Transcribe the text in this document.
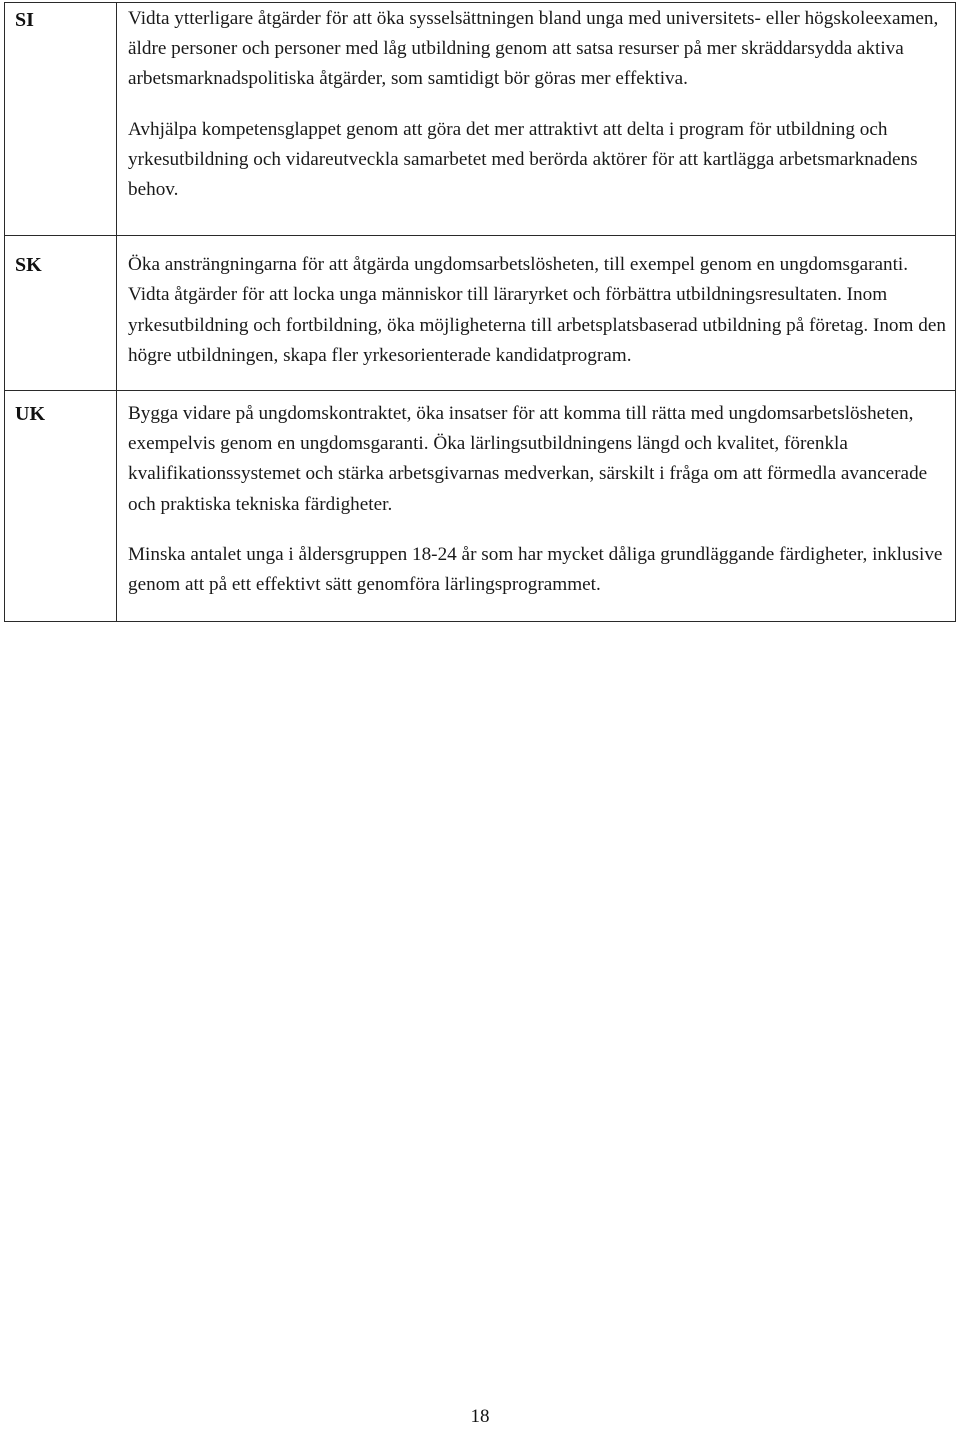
SI	Vidta ytterligare åtgärder för att öka sysselsättningen bland unga med universitets- eller högskoleexamen, äldre personer och personer med låg utbildning genom att satsa resurser på mer skräddarsydda aktiva arbetsmarknadspolitiska åtgärder, som samtidigt bör göras mer effektiva.

Avhjälpa kompetensglappet genom att göra det mer attraktivt att delta i program för utbildning och yrkesutbildning och vidareutveckla samarbetet med berörda aktörer för att kartlägga arbetsmarknadens behov.

SK	Öka ansträngningarna för att åtgärda ungdomsarbetslösheten, till exempel genom en ungdomsgaranti. Vidta åtgärder för att locka unga människor till läraryrket och förbättra utbildningsresultaten. Inom yrkesutbildning och fortbildning, öka möjligheterna till arbetsplatsbaserad utbildning på företag. Inom den högre utbildningen, skapa fler yrkesorienterade kandidatprogram.

UK	Bygga vidare på ungdomskontraktet, öka insatser för att komma till rätta med ungdomsarbetslösheten, exempelvis genom en ungdomsgaranti. Öka lärlingsutbildningens längd och kvalitet, förenkla kvalifikationssystemet och stärka arbetsgivarnas medverkan, särskilt i fråga om att förmedla avancerade och praktiska tekniska färdigheter.

Minska antalet unga i åldersgruppen 18-24 år som har mycket dåliga grundläggande färdigheter, inklusive genom att på ett effektivt sätt genomföra lärlingsprogrammet.

18
